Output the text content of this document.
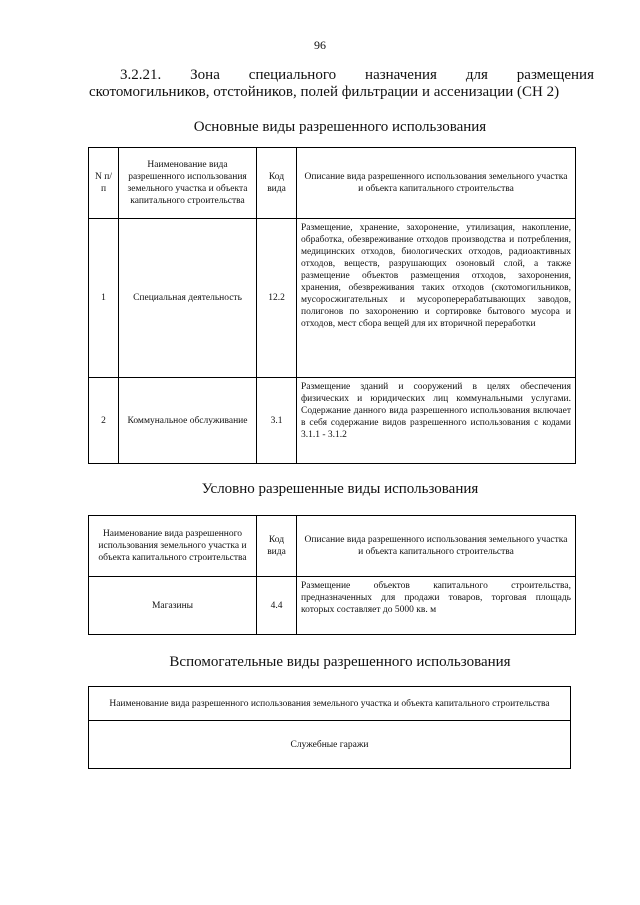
96
3.2.21. Зона специального назначения для размещения
скотомогильников, отстойников, полей фильтрации и ассенизации (СН 2)
Основные виды разрешенного использования
N п/п	Наименование вида разрешенного использования земельного участка и объекта капитального строительства	Код вида	Описание вида разрешенного использования земельного участка и объекта капитального строительства
1	Специальная деятельность	12.2	Размещение, хранение, захоронение, утилизация, накопление, обработка, обезвреживание отходов производства и потребления, медицинских отходов, биологических отходов, радиоактивных отходов, веществ, разрушающих озоновый слой, а также размещение объектов размещения отходов, захоронения, хранения, обезвреживания таких отходов (скотомогильников, мусоросжигательных и мусороперерабатывающих заводов, полигонов по захоронению и сортировке бытового мусора и отходов, мест сбора вещей для их вторичной переработки
2	Коммунальное обслуживание	3.1	Размещение зданий и сооружений в целях обеспечения физических и юридических лиц коммунальными услугами. Содержание данного вида разрешенного использования включает в себя содержание видов разрешенного использования с кодами 3.1.1 - 3.1.2
Условно разрешенные виды использования
Наименование вида разрешенного использования земельного участка и объекта капитального строительства	Код вида	Описание вида разрешенного использования земельного участка и объекта капитального строительства
Магазины	4.4	Размещение объектов капитального строительства, предназначенных для продажи товаров, торговая площадь которых составляет до 5000 кв. м
Вспомогательные виды разрешенного использования
Наименование вида разрешенного использования земельного участка и объекта капитального строительства
Служебные гаражи
